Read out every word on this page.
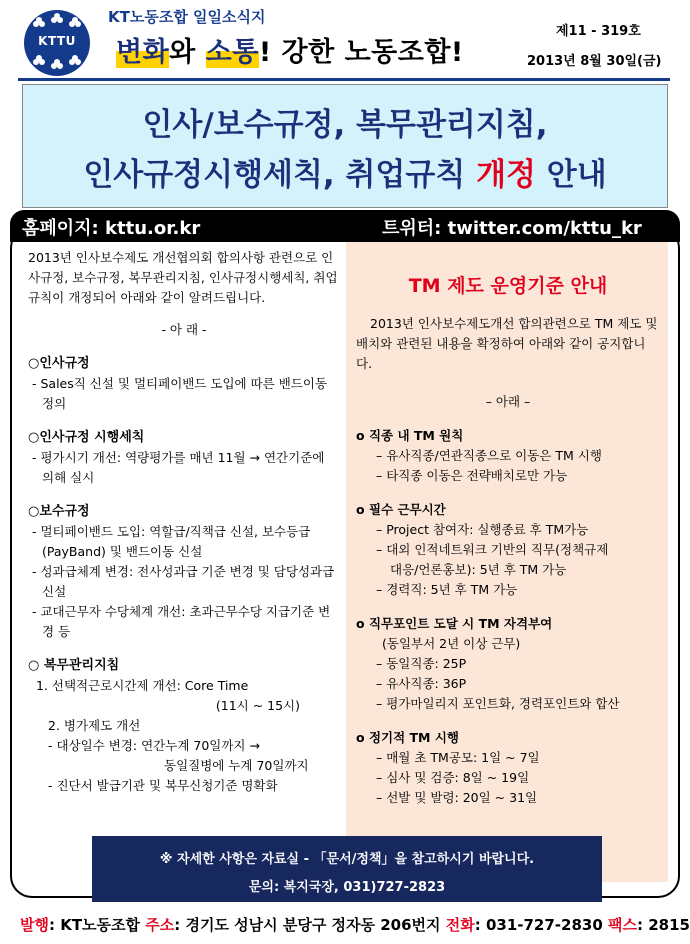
KTTU
KT노동조합 일일소식지
변화와 소통! 강한 노동조합!
제11 - 319호
2013년 8월 30일(금)
인사/보수규정, 복무관리지침,
인사규정시행세칙, 취업규칙 개정 안내
홈페이지: kttu.or.kr	트위터: twitter.com/kttu_kr
2013년 인사보수제도 개선협의회 합의사항 관련으로 인사규정, 보수규정, 복무관리지침, 인사규정시행세칙, 취업규칙이 개정되어 아래와 같이 알려드립니다.
- 아 래 -
○인사규정
- Sales직 신설 및 멀티페이밴드 도입에 따른 밴드이동 정의
○인사규정 시행세칙
- 평가시기 개선: 역량평가를 매년 11월 → 연간기준에 의해 실시
○보수규정
- 멀티페이밴드 도입: 역할급/직책급 신설, 보수등급(PayBand) 및 밴드이동 신설
- 성과급체계 변경: 전사성과급 기준 변경 및 담당성과급 신설
- 교대근무자 수당체계 개선: 초과근무수당 지급기준 변경 등
○ 복무관리지침
1. 선택적근로시간제 개선: Core Time
(11시 ~ 15시)
2. 병가제도 개선
- 대상일수 변경: 연간누계 70일까지 →
동일질병에 누계 70일까지
- 진단서 발급기관 및 복무신청기준 명확화
TM 제도 운영기준 안내
2013년 인사보수제도개선 합의관련으로 TM 제도 및 배치와 관련된 내용을 확정하여 아래와 같이 공지합니다.
– 아래 –
o 직종 내 TM 원칙
– 유사직종/연관직종으로 이동은 TM 시행
– 타직종 이동은 전략배치로만 가능
o 필수 근무시간
– Project 참여자: 실행종료 후 TM가능
– 대외 인적네트워크 기반의 직무(정책규제
대응/언론홍보): 5년 후 TM 가능
– 경력직: 5년 후 TM 가능
o 직무포인트 도달 시 TM 자격부여
(동일부서 2년 이상 근무)
– 동일직종: 25P
– 유사직종: 36P
– 평가마일리지 포인트화, 경력포인트와 합산
o 정기적 TM 시행
– 매월 초 TM공모: 1일 ~ 7일
– 심사 및 검증: 8일 ~ 19일
– 선발 및 발령: 20일 ~ 31일
※ 자세한 사항은 자료실 - 「문서/정책」을 참고하시기 바랍니다.
문의: 복지국장, 031)727-2823
발행: KT노동조합 주소: 경기도 성남시 분당구 정자동 206번지 전화: 031-727-2830 팩스: 2815
